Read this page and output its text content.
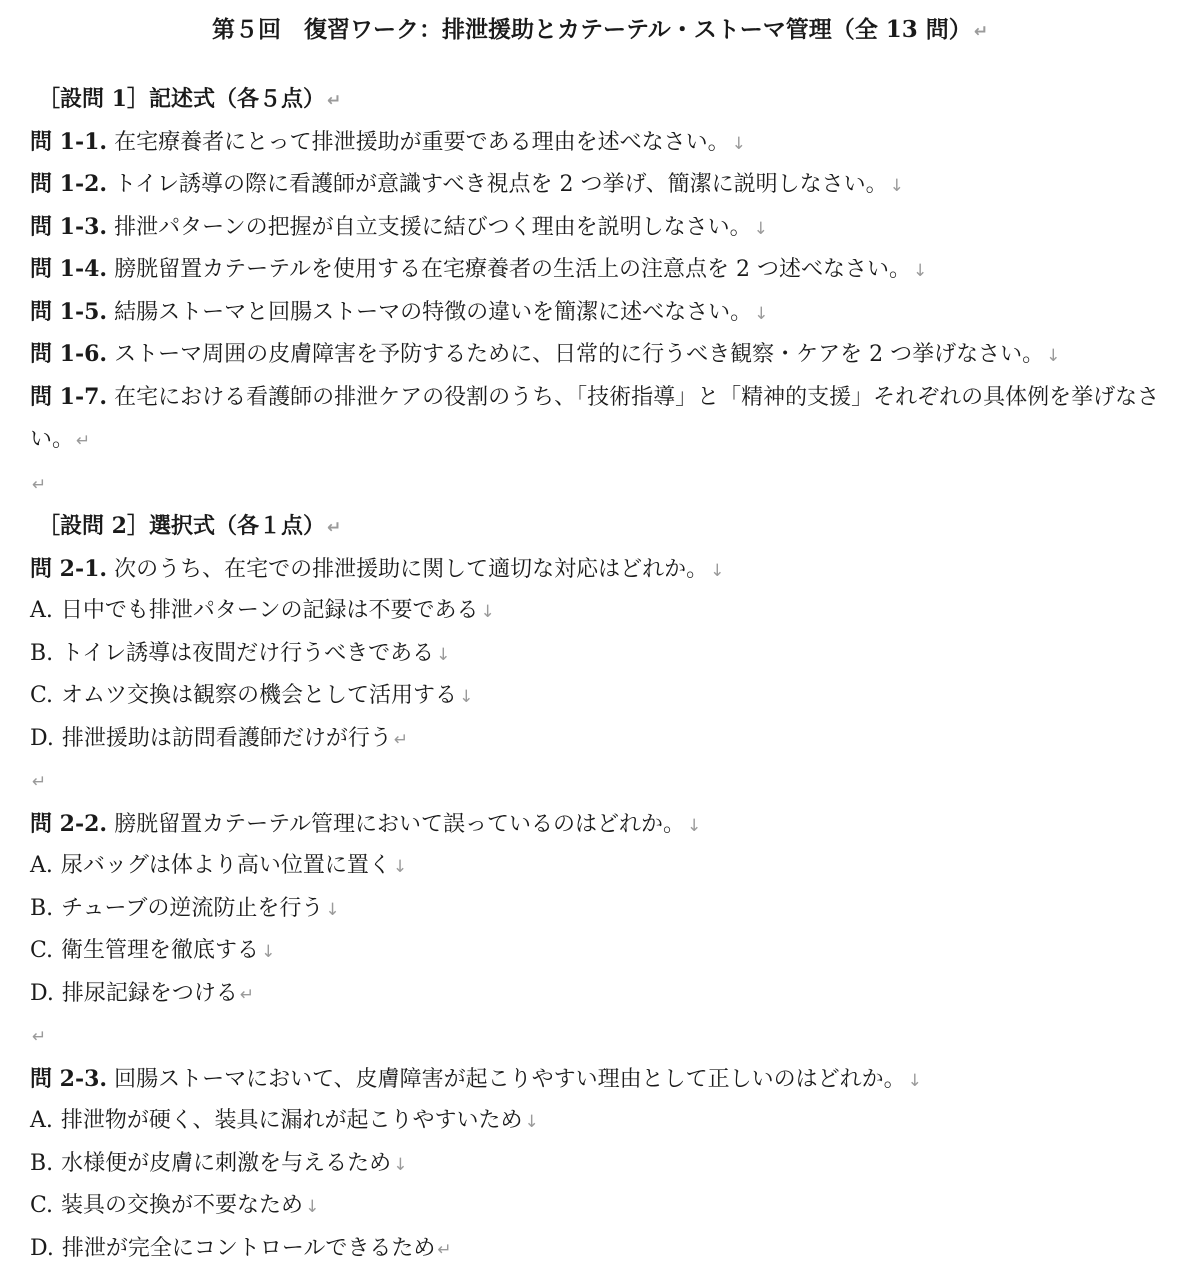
第５回　復習ワーク：排泄援助とカテーテル・ストーマ管理（全 13 問） ↵
［設問 1］記述式（各５点） ↵
問 1-1. 在宅療養者にとって排泄援助が重要である理由を述べなさい。 ↓
問 1-2. トイレ誘導の際に看護師が意識すべき視点を 2 つ挙げ、簡潔に説明しなさい。 ↓
問 1-3. 排泄パターンの把握が自立支援に結びつく理由を説明しなさい。 ↓
問 1-4. 膀胱留置カテーテルを使用する在宅療養者の生活上の注意点を 2 つ述べなさい。 ↓
問 1-5. 結腸ストーマと回腸ストーマの特徴の違いを簡潔に述べなさい。 ↓
問 1-6. ストーマ周囲の皮膚障害を予防するために、日常的に行うべき観察・ケアを 2 つ挙げなさい。 ↓
問 1-7. 在宅における看護師の排泄ケアの役割のうち、「技術指導」と「精神的支援」それぞれの具体例を挙げなさい。 ↵
↵
［設問 2］選択式（各１点） ↵
問 2-1. 次のうち、在宅での排泄援助に関して適切な対応はどれか。 ↓
A. 日中でも排泄パターンの記録は不要である ↓
B. トイレ誘導は夜間だけ行うべきである ↓
C. オムツ交換は観察の機会として活用する ↓
D. 排泄援助は訪問看護師だけが行う ↵
↵
問 2-2. 膀胱留置カテーテル管理において誤っているのはどれか。 ↓
A. 尿バッグは体より高い位置に置く ↓
B. チューブの逆流防止を行う ↓
C. 衛生管理を徹底する ↓
D. 排尿記録をつける ↵
↵
問 2-3. 回腸ストーマにおいて、皮膚障害が起こりやすい理由として正しいのはどれか。 ↓
A. 排泄物が硬く、装具に漏れが起こりやすいため ↓
B. 水様便が皮膚に刺激を与えるため ↓
C. 装具の交換が不要なため ↓
D. 排泄が完全にコントロールできるため ↵
